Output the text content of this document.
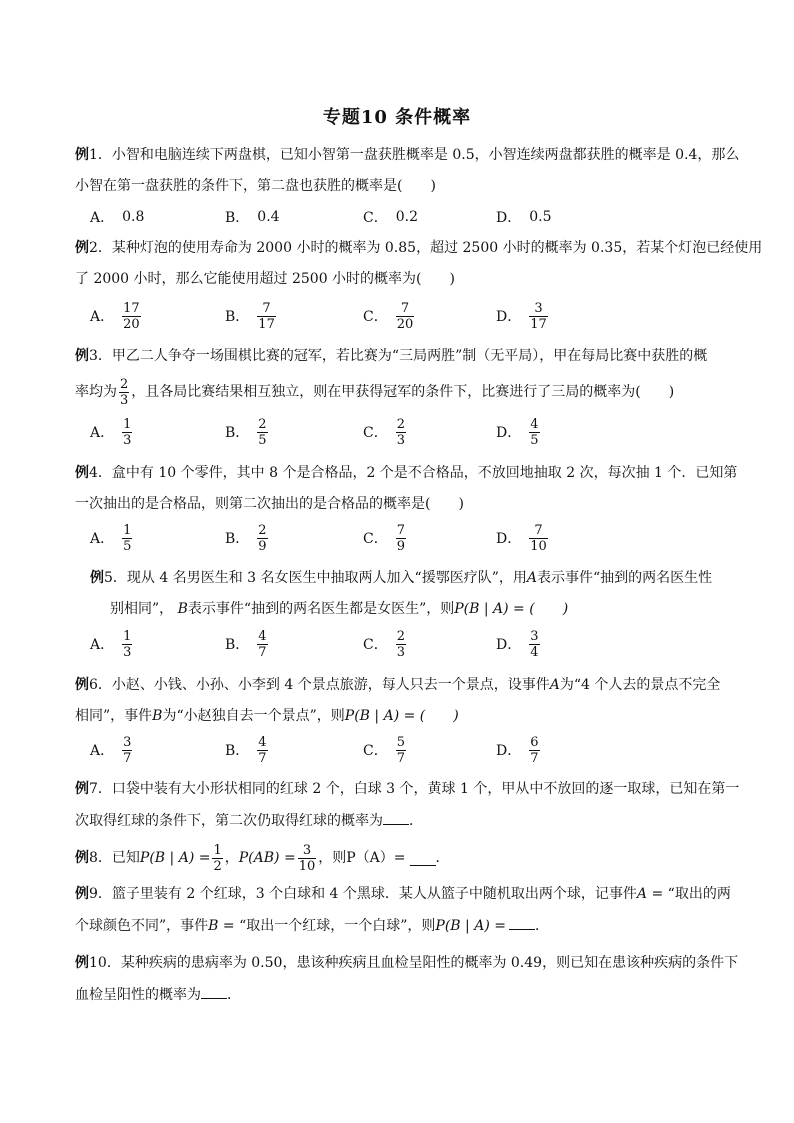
专题10 条件概率
例1．小智和电脑连续下两盘棋，已知小智第一盘获胜概率是 0.5，小智连续两盘都获胜的概率是 0.4，那么
小智在第一盘获胜的条件下，第二盘也获胜的概率是(　　)
A． 0.8	B． 0.4	C． 0.2	D． 0.5
例2．某种灯泡的使用寿命为 2000 小时的概率为 0.85，超过 2500 小时的概率为 0.35，若某个灯泡已经使用
了 2000 小时，那么它能使用超过 2500 小时的概率为(　　)
A． $\frac{17}{20}$	B． $\frac{7}{17}$	C． $\frac{7}{20}$	D． $\frac{3}{17}$
例3．甲乙二人争夺一场围棋比赛的冠军，若比赛为“三局两胜”制（无平局），甲在每局比赛中获胜的概
率均为 $\frac{2}{3}$ ，且各局比赛结果相互独立，则在甲获得冠军的条件下，比赛进行了三局的概率为(　　)
A． $\frac{1}{3}$	B． $\frac{2}{5}$	C． $\frac{2}{3}$	D． $\frac{4}{5}$
例4．盒中有 10 个零件，其中 8 个是合格品，2 个是不合格品，不放回地抽取 2 次，每次抽 1 个．已知第
一次抽出的是合格品，则第二次抽出的是合格品的概率是(　　)
A． $\frac{1}{5}$	B． $\frac{2}{9}$	C． $\frac{7}{9}$	D． $\frac{7}{10}$
例5．现从 4 名男医生和 3 名女医生中抽取两人加入“援鄂医疗队”，用A表示事件“抽到的两名医生性
别相同”， B表示事件“抽到的两名医生都是女医生”，则P(B | A) = (　　)
A． $\frac{1}{3}$	B． $\frac{4}{7}$	C． $\frac{2}{3}$	D． $\frac{3}{4}$
例6．小赵、小钱、小孙、小李到 4 个景点旅游，每人只去一个景点，设事件A为“4 个人去的景点不完全
相同”，事件B为“小赵独自去一个景点”，则P(B | A) = (　　)
A． $\frac{3}{7}$	B． $\frac{4}{7}$	C． $\frac{5}{7}$	D． $\frac{6}{7}$
例7．口袋中装有大小形状相同的红球 2 个，白球 3 个，黄球 1 个，甲从中不放回的逐一取球，已知在第一
次取得红球的条件下，第二次仍取得红球的概率为 ．
例 8． 已知 P(B | $A) = \frac{1}{2}$ ， $P(AB) = \frac{3}{10}$ ，则 P（A）= ．
例9．篮子里装有 2 个红球，3 个白球和 4 个黑球．某人从篮子中随机取出两个球，记事件A = “取出的两
个球颜色不同”，事件B = “取出一个红球，一个白球”，则P(B | A) = ．
例10．某种疾病的患病率为 0.50，患该种疾病且血检呈阳性的概率为 0.49，则已知在患该种疾病的条件下
血检呈阳性的概率为 ．
